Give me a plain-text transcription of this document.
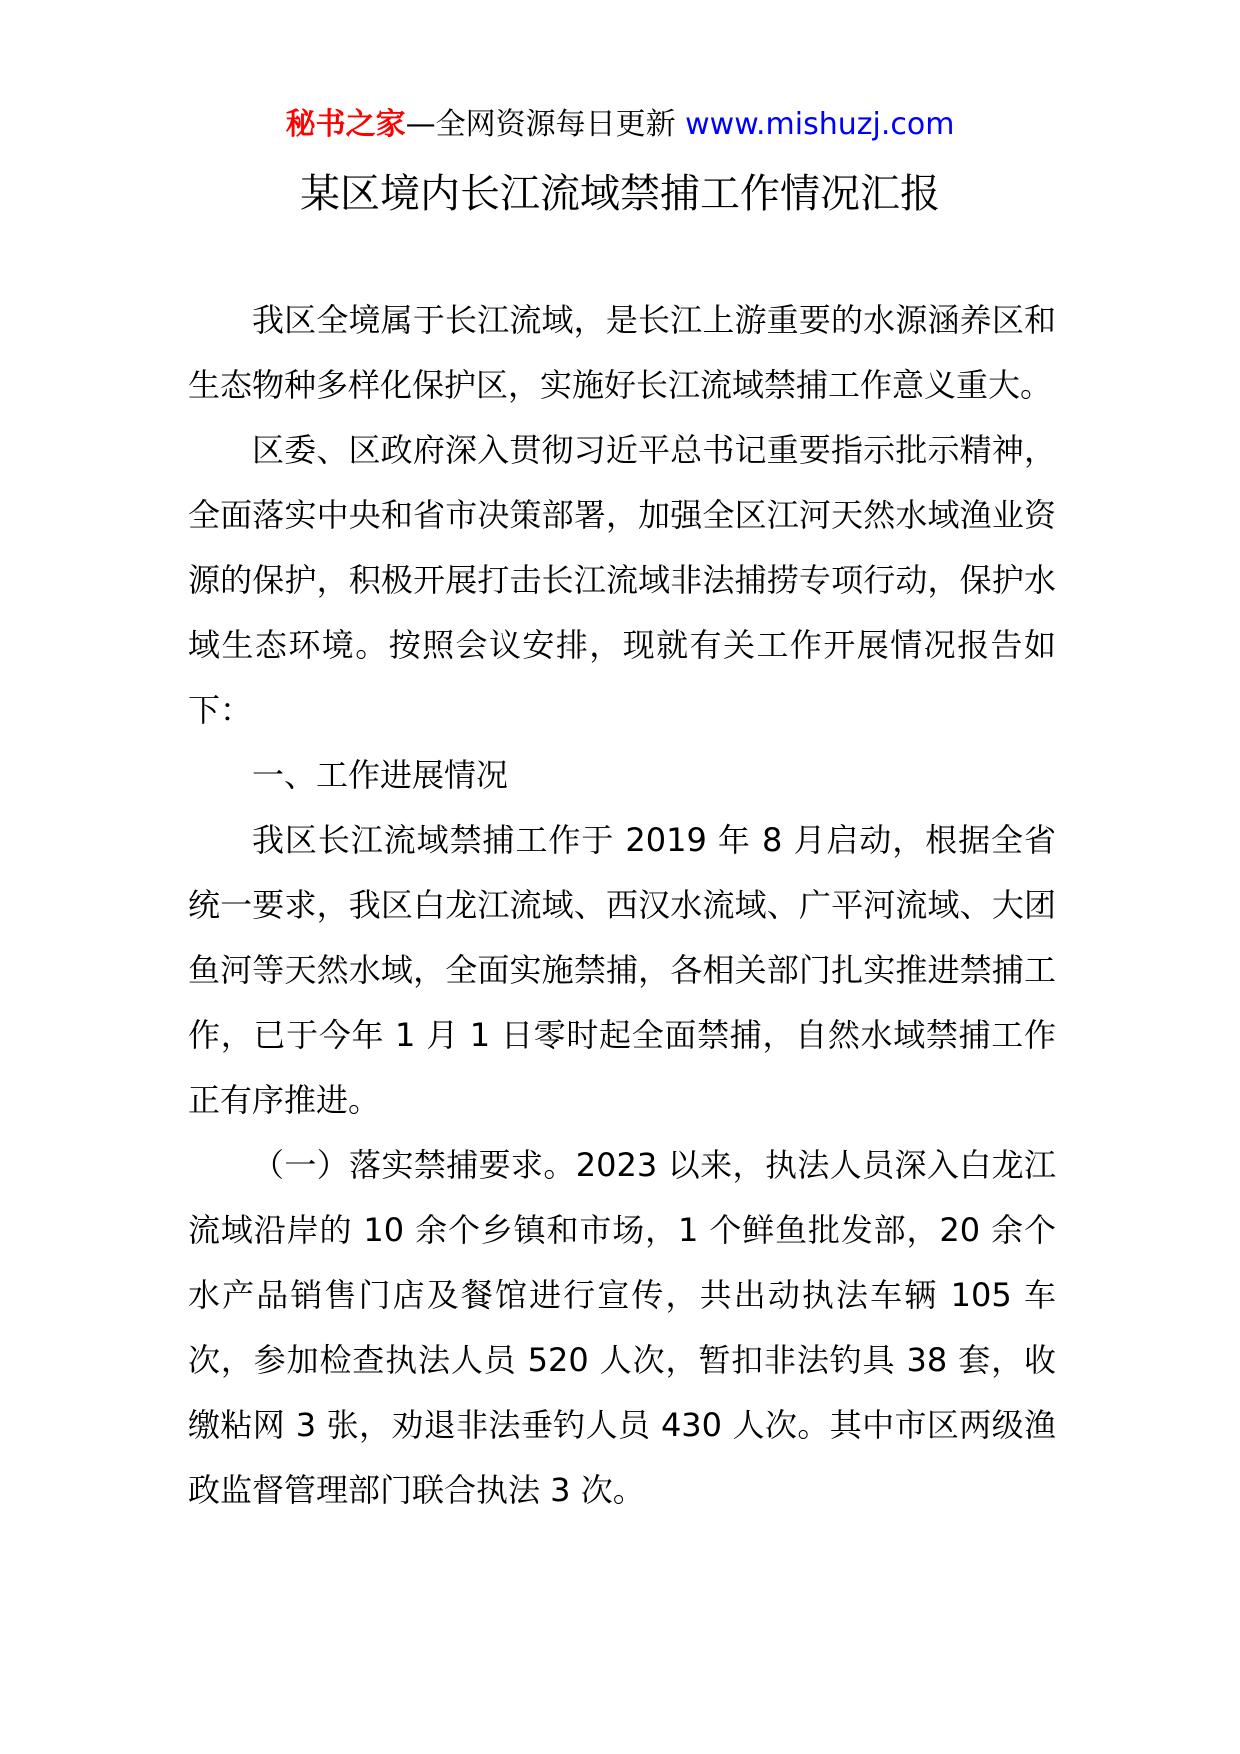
秘书之家—全网资源每日更新 www.mishuzj.com
某区境内长江流域禁捕工作情况汇报

我区全境属于长江流域，是长江上游重要的水源涵养区和生态物种多样化保护区，实施好长江流域禁捕工作意义重大。

区委、区政府深入贯彻习近平总书记重要指示批示精神，全面落实中央和省市决策部署，加强全区江河天然水域渔业资源的保护，积极开展打击长江流域非法捕捞专项行动，保护水域生态环境。按照会议安排，现就有关工作开展情况报告如下：

一、工作进展情况

我区长江流域禁捕工作于 2019 年 8 月启动，根据全省统一要求，我区白龙江流域、西汉水流域、广平河流域、大团鱼河等天然水域，全面实施禁捕，各相关部门扎实推进禁捕工作，已于今年 1 月 1 日零时起全面禁捕，自然水域禁捕工作正有序推进。

（一）落实禁捕要求。2023 以来，执法人员深入白龙江流域沿岸的 10 余个乡镇和市场，1 个鲜鱼批发部，20 余个水产品销售门店及餐馆进行宣传，共出动执法车辆 105 车次，参加检查执法人员 520 人次，暂扣非法钓具 38 套，收缴粘网 3 张，劝退非法垂钓人员 430 人次。其中市区两级渔政监督管理部门联合执法 3 次。
